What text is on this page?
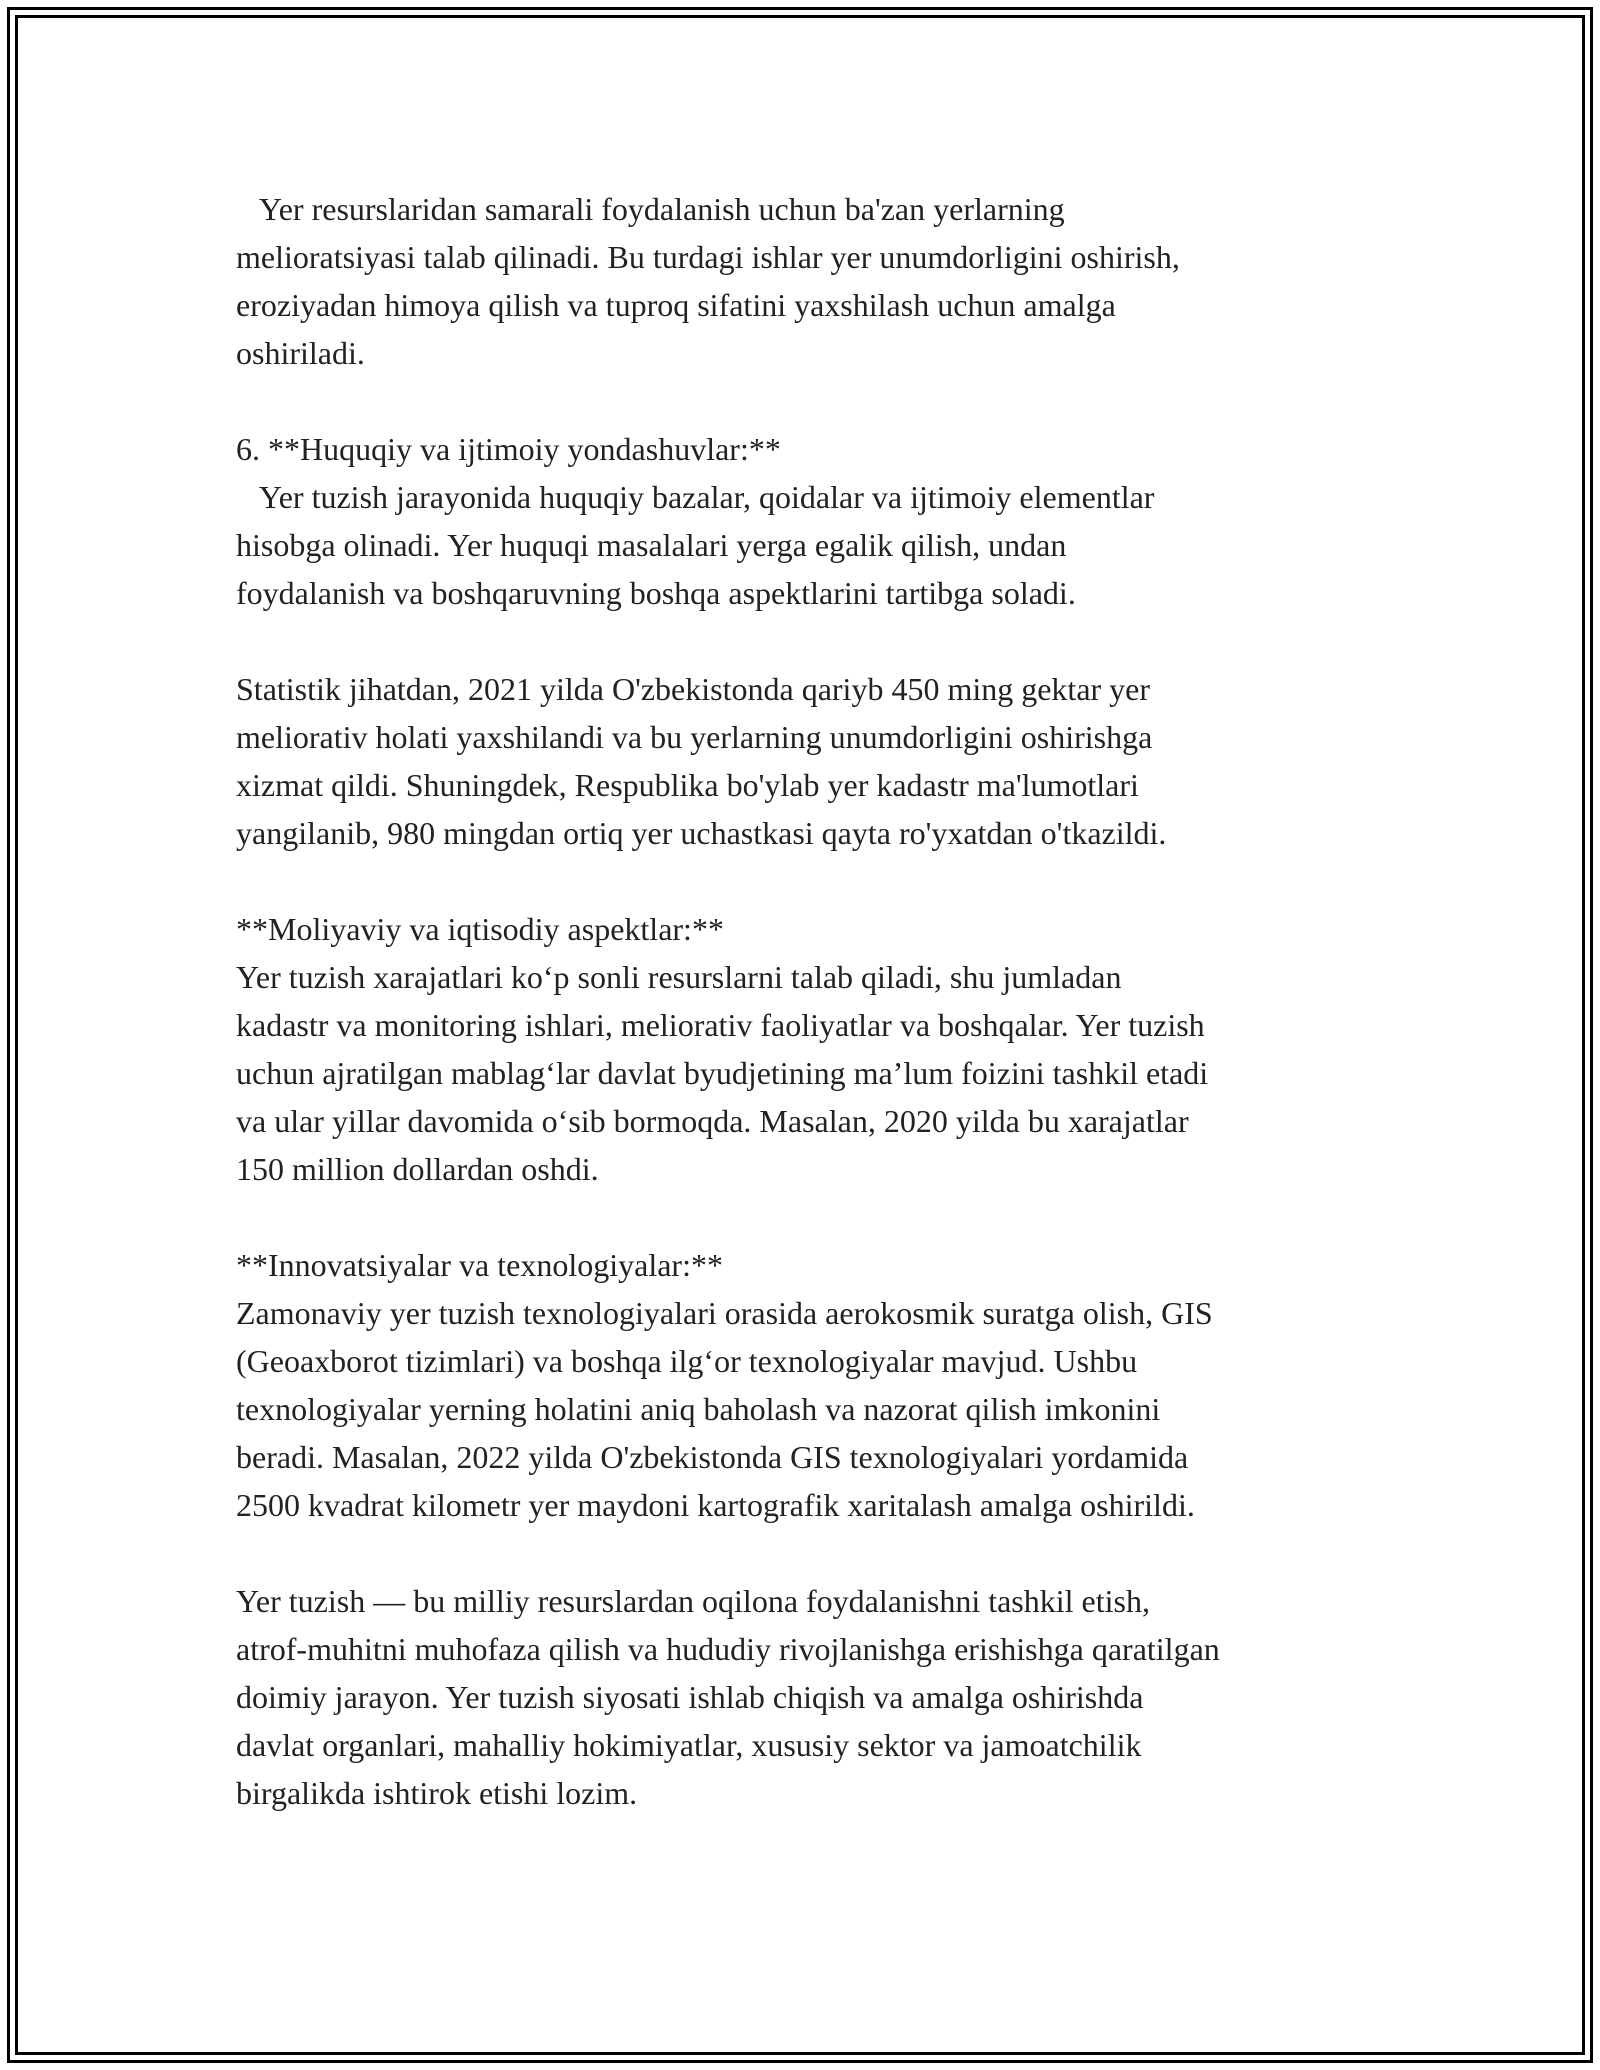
Yer resurslaridan samarali foydalanish uchun ba'zan yerlarning
melioratsiyasi talab qilinadi. Bu turdagi ishlar yer unumdorligini oshirish,
eroziyadan himoya qilish va tuproq sifatini yaxshilash uchun amalga
oshiriladi.
6. **Huquqiy va ijtimoiy yondashuvlar:**
Yer tuzish jarayonida huquqiy bazalar, qoidalar va ijtimoiy elementlar
hisobga olinadi. Yer huquqi masalalari yerga egalik qilish, undan
foydalanish va boshqaruvning boshqa aspektlarini tartibga soladi.
Statistik jihatdan, 2021 yilda O'zbekistonda qariyb 450 ming gektar yer
meliorativ holati yaxshilandi va bu yerlarning unumdorligini oshirishga
xizmat qildi. Shuningdek, Respublika bo'ylab yer kadastr ma'lumotlari
yangilanib, 980 mingdan ortiq yer uchastkasi qayta ro'yxatdan o'tkazildi.
**Moliyaviy va iqtisodiy aspektlar:**
Yer tuzish xarajatlari ko‘p sonli resurslarni talab qiladi, shu jumladan
kadastr va monitoring ishlari, meliorativ faoliyatlar va boshqalar. Yer tuzish
uchun ajratilgan mablag‘lar davlat byudjetining ma’lum foizini tashkil etadi
va ular yillar davomida o‘sib bormoqda. Masalan, 2020 yilda bu xarajatlar
150 million dollardan oshdi.
**Innovatsiyalar va texnologiyalar:**
Zamonaviy yer tuzish texnologiyalari orasida aerokosmik suratga olish, GIS
(Geoaxborot tizimlari) va boshqa ilg‘or texnologiyalar mavjud. Ushbu
texnologiyalar yerning holatini aniq baholash va nazorat qilish imkonini
beradi. Masalan, 2022 yilda O'zbekistonda GIS texnologiyalari yordamida
2500 kvadrat kilometr yer maydoni kartografik xaritalash amalga oshirildi.
Yer tuzish — bu milliy resurslardan oqilona foydalanishni tashkil etish,
atrof-muhitni muhofaza qilish va hududiy rivojlanishga erishishga qaratilgan
doimiy jarayon. Yer tuzish siyosati ishlab chiqish va amalga oshirishda
davlat organlari, mahalliy hokimiyatlar, xususiy sektor va jamoatchilik
birgalikda ishtirok etishi lozim.
